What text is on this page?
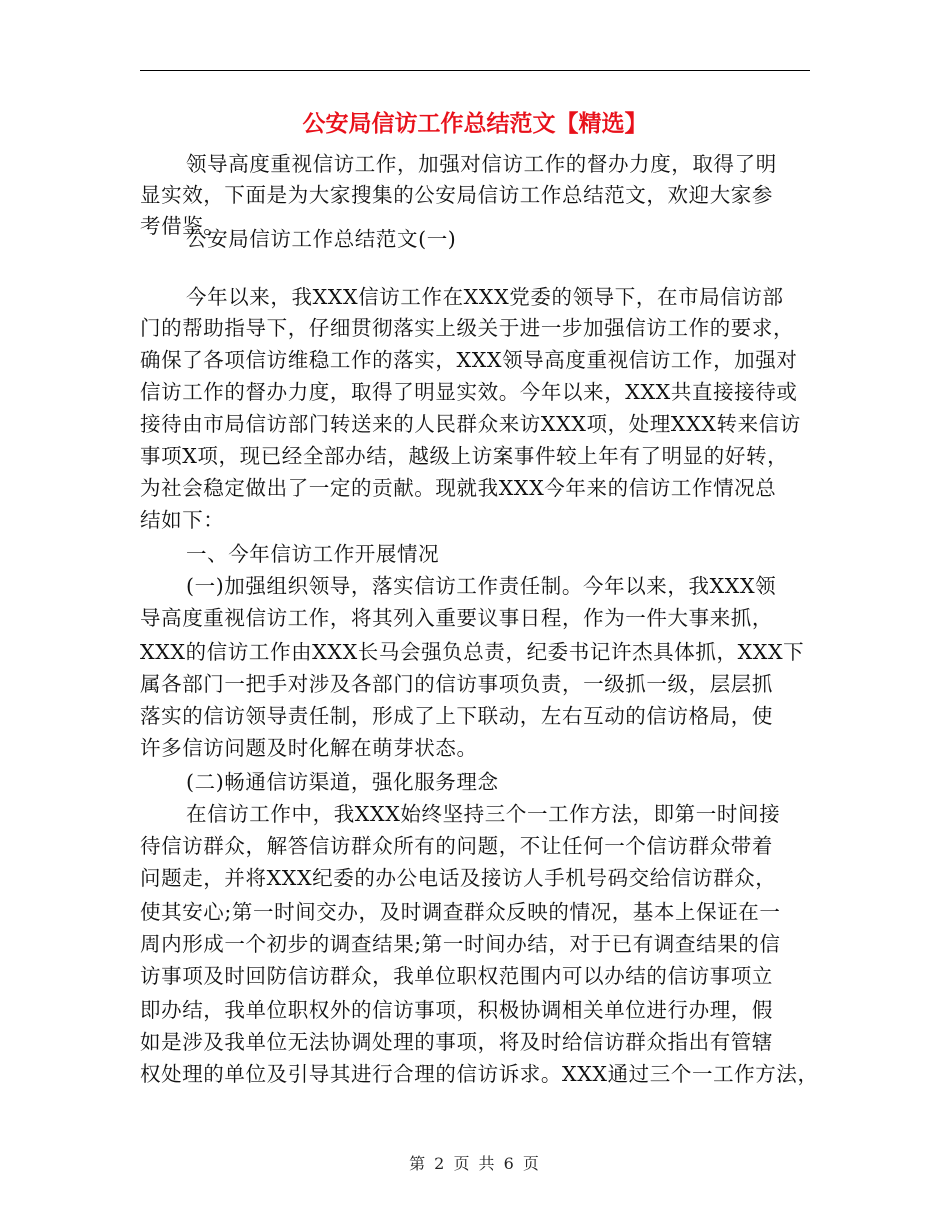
公安局信访工作总结范文【精选】
领导高度重视信访工作，加强对信访工作的督办力度，取得了明
显实效，下面是为大家搜集的公安局信访工作总结范文，欢迎大家参
考借鉴。
公安局信访工作总结范文(一)
今年以来，我XXX信访工作在XXX党委的领导下，在市局信访部
门的帮助指导下，仔细贯彻落实上级关于进一步加强信访工作的要求，
确保了各项信访维稳工作的落实，XXX领导高度重视信访工作，加强对
信访工作的督办力度，取得了明显实效。今年以来，XXX共直接接待或
接待由市局信访部门转送来的人民群众来访XXX项，处理XXX转来信访
事项X项，现已经全部办结，越级上访案事件较上年有了明显的好转，
为社会稳定做出了一定的贡献。现就我XXX今年来的信访工作情况总
结如下：
一、今年信访工作开展情况
(一)加强组织领导，落实信访工作责任制。今年以来，我XXX领
导高度重视信访工作，将其列入重要议事日程，作为一件大事来抓，
XXX的信访工作由XXX长马会强负总责，纪委书记许杰具体抓，XXX下
属各部门一把手对涉及各部门的信访事项负责，一级抓一级，层层抓
落实的信访领导责任制，形成了上下联动，左右互动的信访格局，使
许多信访问题及时化解在萌芽状态。
(二)畅通信访渠道，强化服务理念
在信访工作中，我XXX始终坚持三个一工作方法，即第一时间接
待信访群众，解答信访群众所有的问题，不让任何一个信访群众带着
问题走，并将XXX纪委的办公电话及接访人手机号码交给信访群众，
使其安心;第一时间交办，及时调查群众反映的情况，基本上保证在一
周内形成一个初步的调查结果;第一时间办结，对于已有调查结果的信
访事项及时回防信访群众，我单位职权范围内可以办结的信访事项立
即办结，我单位职权外的信访事项，积极协调相关单位进行办理，假
如是涉及我单位无法协调处理的事项，将及时给信访群众指出有管辖
权处理的单位及引导其进行合理的信访诉求。XXX通过三个一工作方法，
第 2 页 共 6 页
